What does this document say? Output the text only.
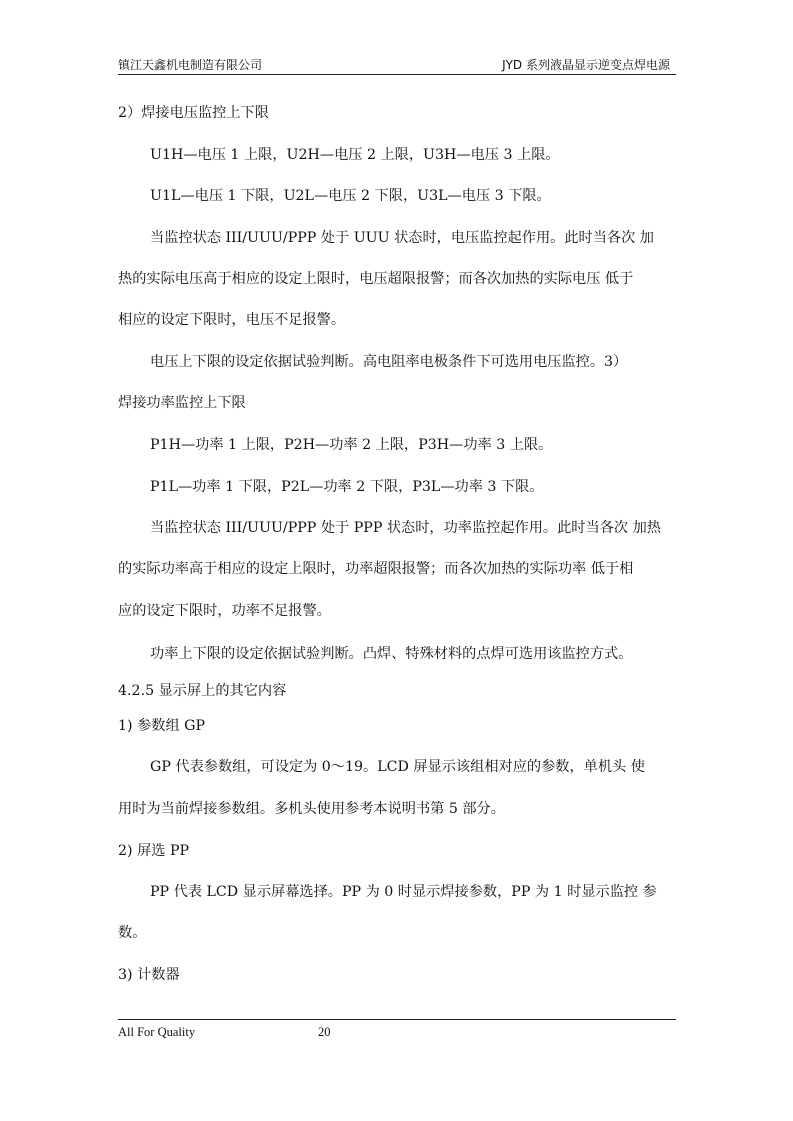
镇江天鑫机电制造有限公司	JYD 系列液晶显示逆变点焊电源
2）焊接电压监控上下限
U1H—电压 1 上限，U2H—电压 2 上限，U3H—电压 3 上限。
U1L—电压 1 下限，U2L—电压 2 下限，U3L—电压 3 下限。
当监控状态 III/UUU/PPP 处于 UUU 状态时，电压监控起作用。此时当各次 加
热的实际电压高于相应的设定上限时，电压超限报警；而各次加热的实际电压 低于
相应的设定下限时，电压不足报警。
电压上下限的设定依据试验判断。高电阻率电极条件下可选用电压监控。3）
焊接功率监控上下限
P1H—功率 1 上限，P2H—功率 2 上限，P3H—功率 3 上限。
P1L—功率 1 下限，P2L—功率 2 下限，P3L—功率 3 下限。
当监控状态 III/UUU/PPP 处于 PPP 状态时，功率监控起作用。此时当各次 加热
的实际功率高于相应的设定上限时，功率超限报警；而各次加热的实际功率 低于相
应的设定下限时，功率不足报警。
功率上下限的设定依据试验判断。凸焊、特殊材料的点焊可选用该监控方式。
4.2.5 显示屏上的其它内容
1) 参数组 GP
GP 代表参数组，可设定为 0～19。LCD 屏显示该组相对应的参数，单机头 使
用时为当前焊接参数组。多机头使用参考本说明书第 5 部分。
2) 屏选 PP
PP 代表 LCD 显示屏幕选择。PP 为 0 时显示焊接参数，PP 为 1 时显示监控 参
数。
3) 计数器
All For Quality	20
